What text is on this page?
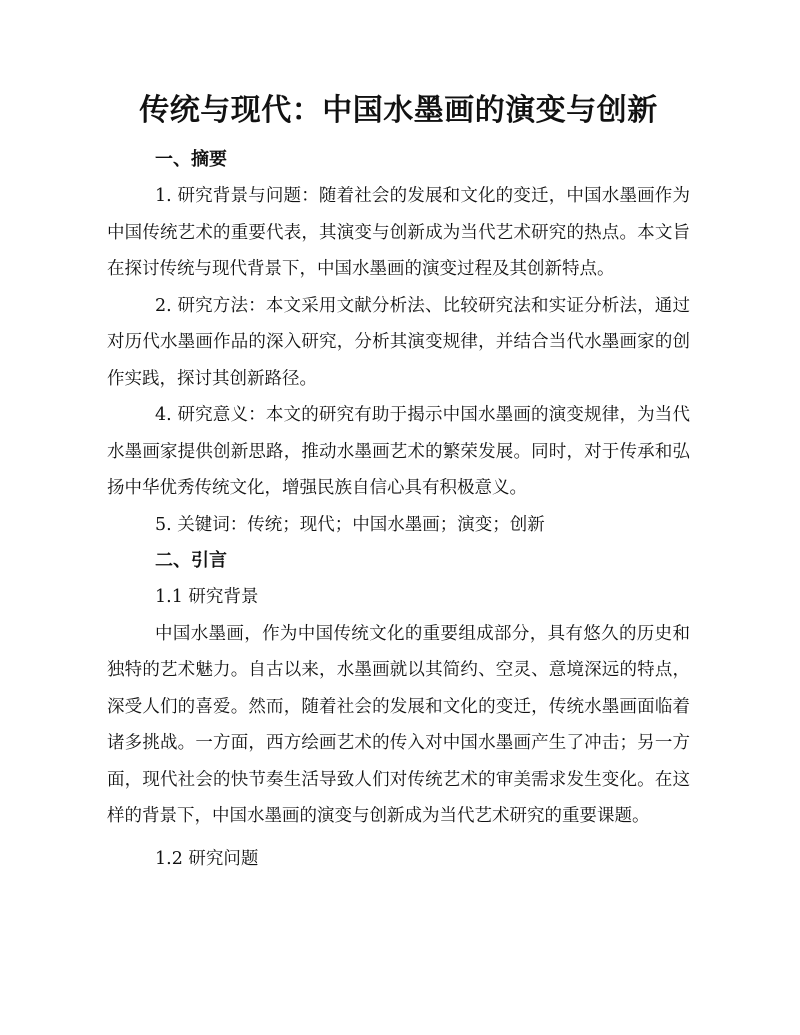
传统与现代：中国水墨画的演变与创新
一、摘要

1. 研究背景与问题：随着社会的发展和文化的变迁，中国水墨画作为中国传统艺术的重要代表，其演变与创新成为当代艺术研究的热点。本文旨在探讨传统与现代背景下，中国水墨画的演变过程及其创新特点。

2. 研究方法：本文采用文献分析法、比较研究法和实证分析法，通过对历代水墨画作品的深入研究，分析其演变规律，并结合当代水墨画家的创作实践，探讨其创新路径。

4. 研究意义：本文的研究有助于揭示中国水墨画的演变规律，为当代水墨画家提供创新思路，推动水墨画艺术的繁荣发展。同时，对于传承和弘扬中华优秀传统文化，增强民族自信心具有积极意义。

5. 关键词：传统；现代；中国水墨画；演变；创新

二、引言

1.1 研究背景

中国水墨画，作为中国传统文化的重要组成部分，具有悠久的历史和独特的艺术魅力。自古以来，水墨画就以其简约、空灵、意境深远的特点，深受人们的喜爱。然而，随着社会的发展和文化的变迁，传统水墨画面临着诸多挑战。一方面，西方绘画艺术的传入对中国水墨画产生了冲击；另一方面，现代社会的快节奏生活导致人们对传统艺术的审美需求发生变化。在这样的背景下，中国水墨画的演变与创新成为当代艺术研究的重要课题。

1.2 研究问题
